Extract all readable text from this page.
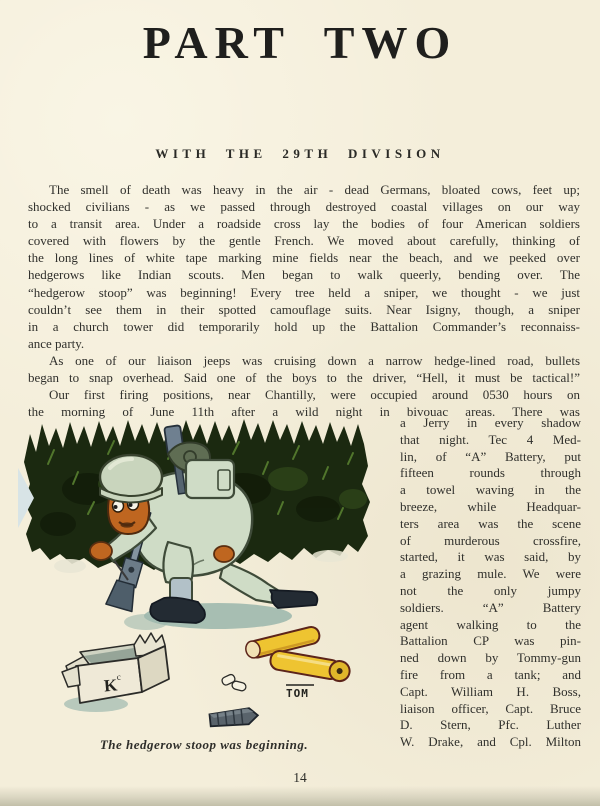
PART TWO
WITH THE 29TH DIVISION
The smell of death was heavy in the air - dead Germans, bloated cows, feet up;
shocked civilians - as we passed through destroyed coastal villages on our way
to a transit area. Under a roadside cross lay the bodies of four American soldiers
covered with flowers by the gentle French. We moved about carefully, thinking of
the long lines of white tape marking mine fields near the beach, and we peeked over
hedgerows like Indian scouts. Men began to walk queerly, bending over. The
“hedgerow stoop” was beginning! Every tree held a sniper, we thought - we just
couldn’t see them in their spotted camouflage suits. Near Isigny, though, a sniper
in a church tower did temporarily hold up the Battalion Commander’s reconnaiss-
ance party.
As one of our liaison jeeps was cruising down a narrow hedge-lined road, bullets
began to snap overhead. Said one of the boys to the driver, “Hell, it must be tactical!”
Our first firing positions, near Chantilly, were occupied around 0530 hours on
the morning of June 11th after a wild night in bivouac areas. There was
a Jerry in every shadow
that night. Tec 4 Med-
lin, of “A” Battery, put
fifteen rounds through
a towel waving in the
breeze, while Headquar-
ters area was the scene
of murderous crossfire,
started, it was said, by
a grazing mule. We were
not the only jumpy
soldiers. “A” Battery
agent walking to the
Battalion CP was pin-
ned down by Tommy-gun
fire from a tank; and
Capt. William H. Boss,
liaison officer, Capt. Bruce
D. Stern, Pfc. Luther
W. Drake, and Cpl. Milton
K
c
TOM
The hedgerow stoop was beginning.
14
